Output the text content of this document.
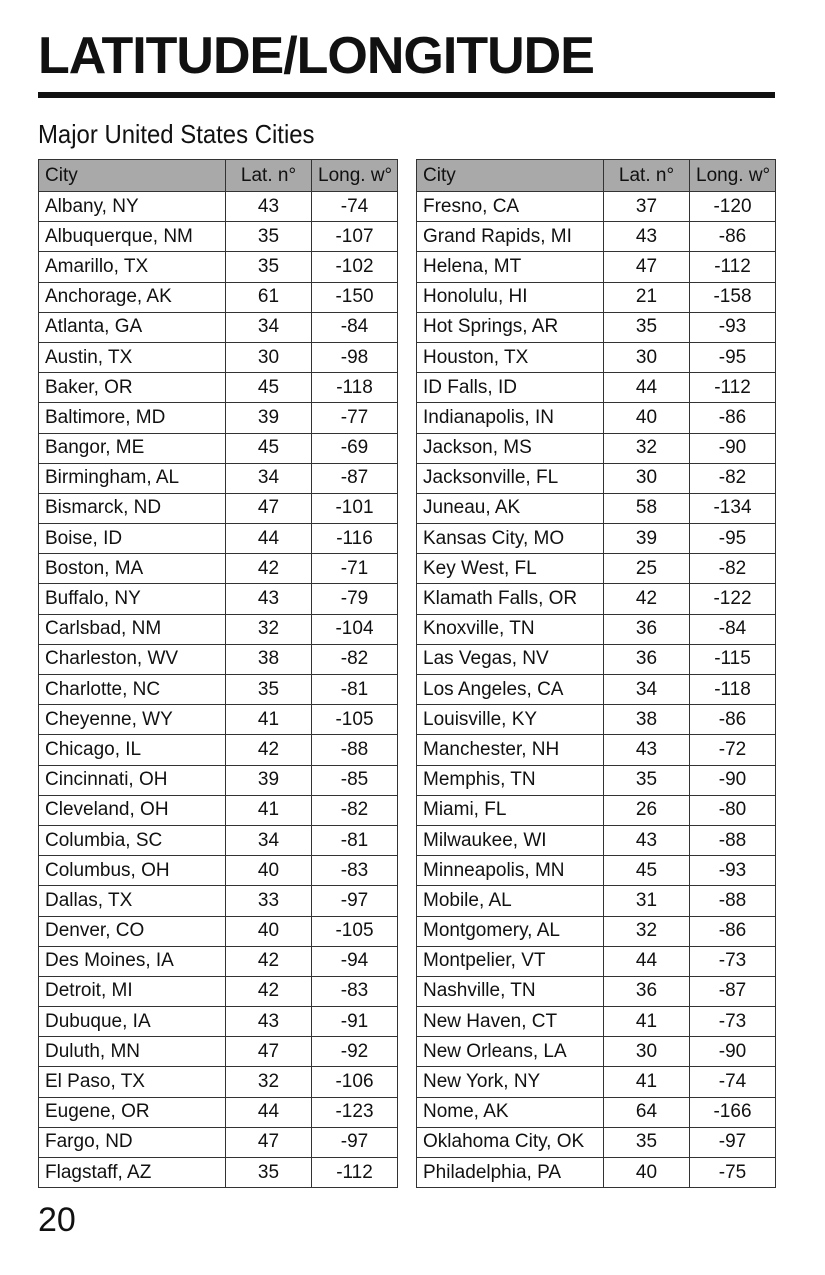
LATITUDE/LONGITUDE
Major United States Cities
City	Lat. n°	Long. w°
Albany, NY	43	-74
Albuquerque, NM	35	-107
Amarillo, TX	35	-102
Anchorage, AK	61	-150
Atlanta, GA	34	-84
Austin, TX	30	-98
Baker, OR	45	-118
Baltimore, MD	39	-77
Bangor, ME	45	-69
Birmingham, AL	34	-87
Bismarck, ND	47	-101
Boise, ID	44	-116
Boston, MA	42	-71
Buffalo, NY	43	-79
Carlsbad, NM	32	-104
Charleston, WV	38	-82
Charlotte, NC	35	-81
Cheyenne, WY	41	-105
Chicago, IL	42	-88
Cincinnati, OH	39	-85
Cleveland, OH	41	-82
Columbia, SC	34	-81
Columbus, OH	40	-83
Dallas, TX	33	-97
Denver, CO	40	-105
Des Moines, IA	42	-94
Detroit, MI	42	-83
Dubuque, IA	43	-91
Duluth, MN	47	-92
El Paso, TX	32	-106
Eugene, OR	44	-123
Fargo, ND	47	-97
Flagstaff, AZ	35	-112
City	Lat. n°	Long. w°
Fresno, CA	37	-120
Grand Rapids, MI	43	-86
Helena, MT	47	-112
Honolulu, HI	21	-158
Hot Springs, AR	35	-93
Houston, TX	30	-95
ID Falls, ID	44	-112
Indianapolis, IN	40	-86
Jackson, MS	32	-90
Jacksonville, FL	30	-82
Juneau, AK	58	-134
Kansas City, MO	39	-95
Key West, FL	25	-82
Klamath Falls, OR	42	-122
Knoxville, TN	36	-84
Las Vegas, NV	36	-115
Los Angeles, CA	34	-118
Louisville, KY	38	-86
Manchester, NH	43	-72
Memphis, TN	35	-90
Miami, FL	26	-80
Milwaukee, WI	43	-88
Minneapolis, MN	45	-93
Mobile, AL	31	-88
Montgomery, AL	32	-86
Montpelier, VT	44	-73
Nashville, TN	36	-87
New Haven, CT	41	-73
New Orleans, LA	30	-90
New York, NY	41	-74
Nome, AK	64	-166
Oklahoma City, OK	35	-97
Philadelphia, PA	40	-75
20
